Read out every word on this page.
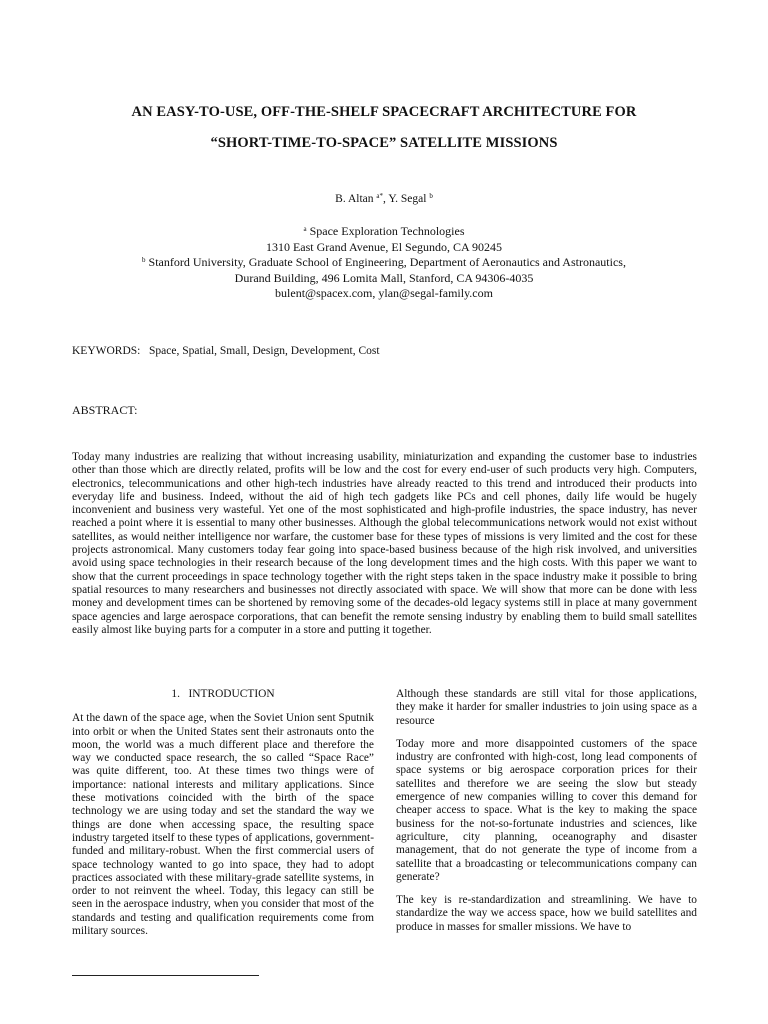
AN EASY-TO-USE, OFF-THE-SHELF SPACECRAFT ARCHITECTURE FOR
“SHORT-TIME-TO-SPACE” SATELLITE MISSIONS
B. Altan $^{a*}$, Y. Segal $^b$
$^a$ Space Exploration Technologies
1310 East Grand Avenue, El Segundo, CA 90245
$^b$ Stanford University, Graduate School of Engineering, Department of Aeronautics and Astronautics,
Durand Building, 496 Lomita Mall, Stanford, CA 94306-4035
bulent@spacex.com, ylan@segal-family.com
KEYWORDS:   Space, Spatial, Small, Design, Development, Cost
ABSTRACT:
Today many industries are realizing that without increasing usability, miniaturization and expanding the customer base to industries other than those which are directly related, profits will be low and the cost for every end-user of such products very high. Computers, electronics, telecommunications and other high-tech industries have already reacted to this trend and introduced their products into everyday life and business. Indeed, without the aid of high tech gadgets like PCs and cell phones, daily life would be hugely inconvenient and business very wasteful. Yet one of the most sophisticated and high-profile industries, the space industry, has never reached a point where it is essential to many other businesses. Although the global telecommunications network would not exist without satellites, as would neither intelligence nor warfare, the customer base for these types of missions is very limited and the cost for these projects astronomical. Many customers today fear going into space-based business because of the high risk involved, and universities avoid using space technologies in their research because of the long development times and the high costs. With this paper we want to show that the current proceedings in space technology together with the right steps taken in the space industry make it possible to bring spatial resources to many researchers and businesses not directly associated with space. We will show that more can be done with less money and development times can be shortened by removing some of the decades-old legacy systems still in place at many government space agencies and large aerospace corporations, that can benefit the remote sensing industry by enabling them to build small satellites easily almost like buying parts for a computer in a store and putting it together.
1.   INTRODUCTION

At the dawn of the space age, when the Soviet Union sent Sputnik into orbit or when the United States sent their astronauts onto the moon, the world was a much different place and therefore the way we conducted space research, the so called “Space Race” was quite different, too. At these times two things were of importance: national interests and military applications. Since these motivations coincided with the birth of the space technology we are using today and set the standard the way we things are done when accessing space, the resulting space industry targeted itself to these types of applications, government-funded and military-robust. When the first commercial users of space technology wanted to go into space, they had to adopt practices associated with these military-grade satellite systems, in order to not reinvent the wheel. Today, this legacy can still be seen in the aerospace industry, when you consider that most of the standards and testing and qualification requirements come from military sources.

Although these standards are still vital for those applications, they make it harder for smaller industries to join using space as a resource

Today more and more disappointed customers of the space industry are confronted with high-cost, long lead components of space systems or big aerospace corporation prices for their satellites and therefore we are seeing the slow but steady emergence of new companies willing to cover this demand for cheaper access to space. What is the key to making the space business for the not-so-fortunate industries and sciences, like agriculture, city planning, oceanography and disaster management, that do not generate the type of income from a satellite that a broadcasting or telecommunications company can generate?

The key is re-standardization and streamlining. We have to standardize the way we access space, how we build satellites and produce in masses for smaller missions. We have to
